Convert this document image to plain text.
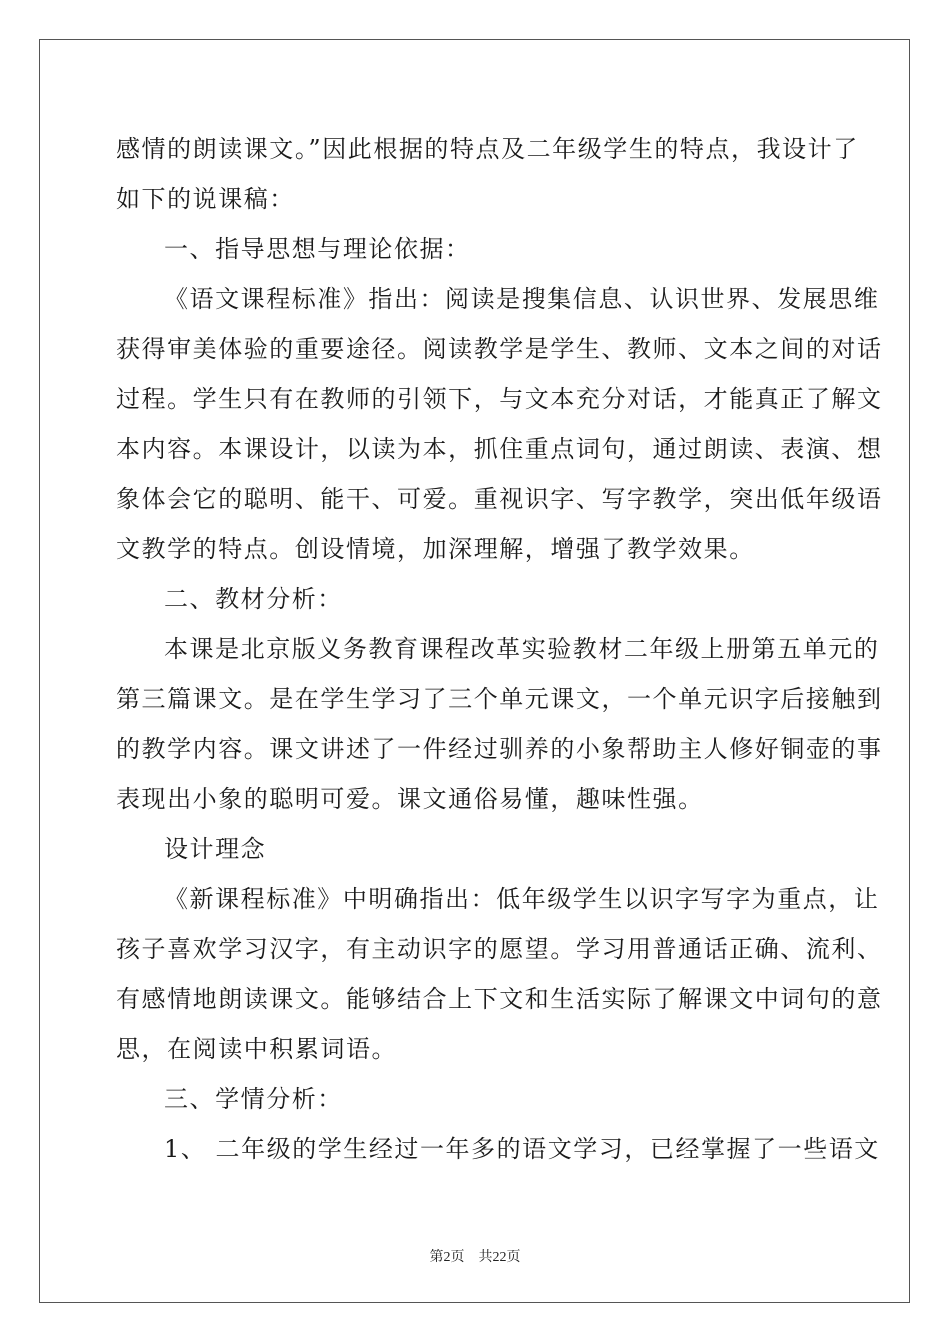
感情的朗读课文。”因此根据的特点及二年级学生的特点，我设计了
如下的说课稿：
一、指导思想与理论依据：
《语文课程标准》指出：阅读是搜集信息、认识世界、发展思维
获得审美体验的重要途径。阅读教学是学生、教师、文本之间的对话
过程。学生只有在教师的引领下，与文本充分对话，才能真正了解文
本内容。本课设计，以读为本，抓住重点词句，通过朗读、表演、想
象体会它的聪明、能干、可爱。重视识字、写字教学，突出低年级语
文教学的特点。创设情境，加深理解，增强了教学效果。
二、教材分析：
本课是北京版义务教育课程改革实验教材二年级上册第五单元的
第三篇课文。是在学生学习了三个单元课文，一个单元识字后接触到
的教学内容。课文讲述了一件经过驯养的小象帮助主人修好铜壶的事
表现出小象的聪明可爱。课文通俗易懂，趣味性强。
设计理念
《新课程标准》中明确指出：低年级学生以识字写字为重点，让
孩子喜欢学习汉字，有主动识字的愿望。学习用普通话正确、流利、
有感情地朗读课文。能够结合上下文和生活实际了解课文中词句的意
思，在阅读中积累词语。
三、学情分析：
1、 二年级的学生经过一年多的语文学习，已经掌握了一些语文
第2页 共22页
